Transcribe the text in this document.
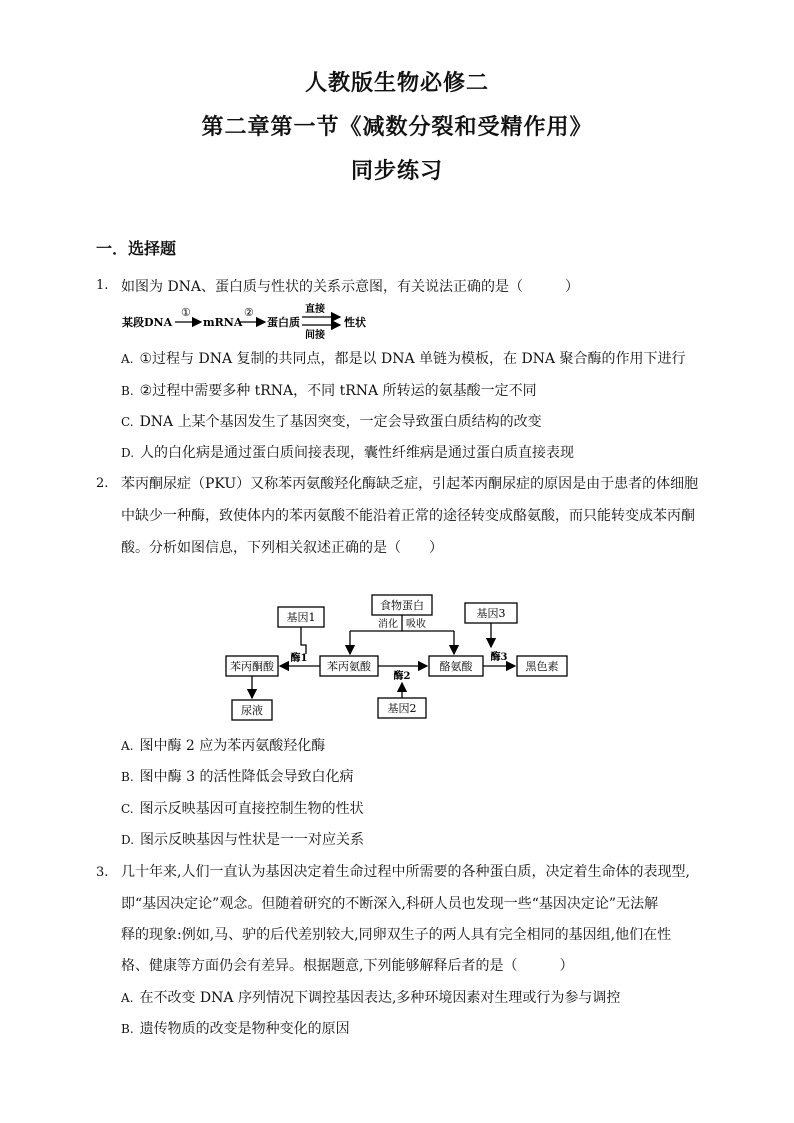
人教版生物必修二
第二章第一节《减数分裂和受精作用》
同步练习
一．选择题
1. 如图为 DNA、蛋白质与性状的关系示意图，有关说法正确的是（　　　）
某段DNA
①
mRNA
②
蛋白质
直接
间接
性状
A. ①过程与 DNA 复制的共同点，都是以 DNA 单链为模板，在 DNA 聚合酶的作用下进行
B. ②过程中需要多种 tRNA，不同 tRNA 所转运的氨基酸一定不同
C. DNA 上某个基因发生了基因突变，一定会导致蛋白质结构的改变
D. 人的白化病是通过蛋白质间接表现，囊性纤维病是通过蛋白质直接表现
2. 苯丙酮尿症（PKU）又称苯丙氨酸羟化酶缺乏症，引起苯丙酮尿症的原因是由于患者的体细胞
中缺少一种酶，致使体内的苯丙氨酸不能沿着正常的途径转变成酪氨酸，而只能转变成苯丙酮
酸。分析如图信息，下列相关叙述正确的是（　　）
食物蛋白
消化 吸收
基因1	基因3
基因2
苯丙酮酸	苯丙氨酸	酪氨酸	黑色素
酶1
酶2
酶3
尿液
A. 图中酶 2 应为苯丙氨酸羟化酶
B. 图中酶 3 的活性降低会导致白化病
C. 图示反映基因可直接控制生物的性状
D. 图示反映基因与性状是一一对应关系
3. 几十年来,人们一直认为基因决定着生命过程中所需要的各种蛋白质，决定着生命体的表现型,
即“基因决定论”观念。但随着研究的不断深入,科研人员也发现一些“基因决定论”无法解
释的现象:例如,马、驴的后代差别较大,同卵双生子的两人具有完全相同的基因组,他们在性
格、健康等方面仍会有差异。根据题意,下列能够解释后者的是（　　　）
A. 在不改变 DNA 序列情况下调控基因表达,多种环境因素对生理或行为参与调控
B. 遗传物质的改变是物种变化的原因
